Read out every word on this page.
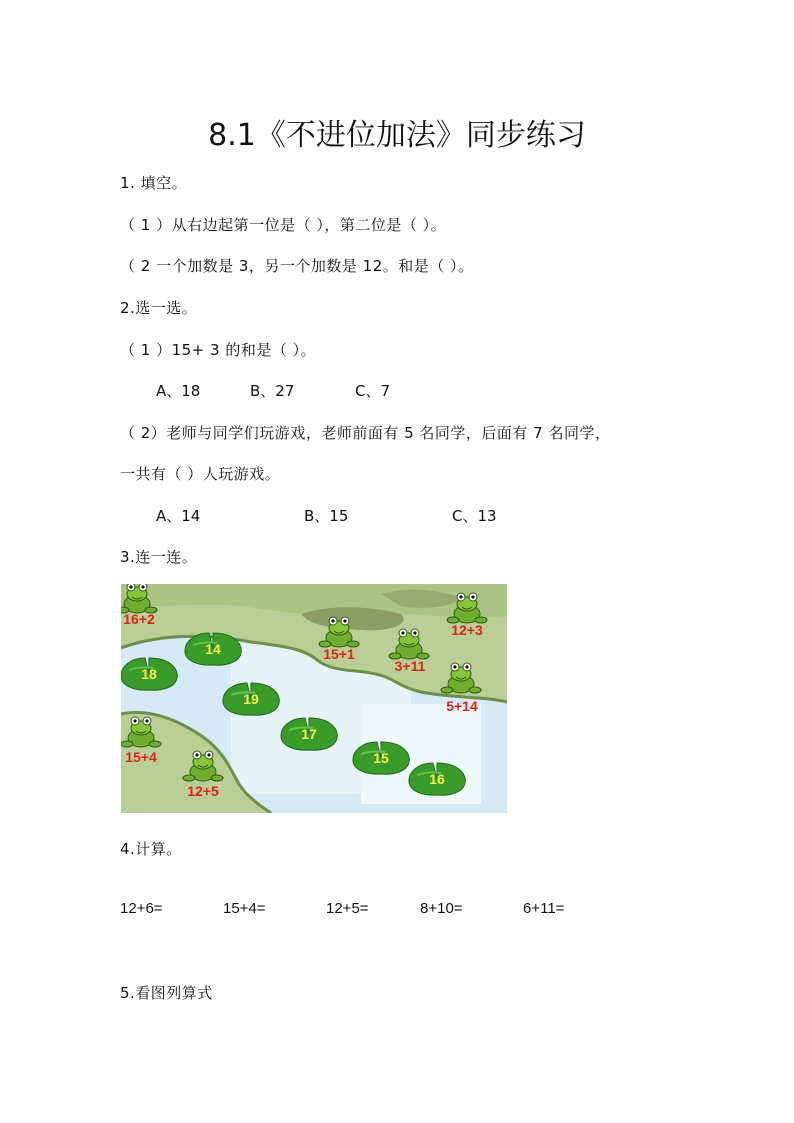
8.1《不进位加法》同步练习
1. 填空。
（ 1 ）从右边起第一位是（ ），第二位是（ ）。
（ 2 一个加数是 3，另一个加数是 12。和是（ ）。
2.选一选。
（ 1 ）15+ 3 的和是（ ）。
A、18	B、27	C、7
（ 2）老师与同学们玩游戏，老师前面有 5 名同学，后面有 7 名同学，
一共有（ ）人玩游戏。
A、14	B、15	C、13
3.连一连。
14
18
19
17
15
16
16+2
15+1
12+3
3+11
5+14
15+4
12+5
4.计算。
12+6=	15+4=	12+5=	8+10=	6+11=
5.看图列算式
